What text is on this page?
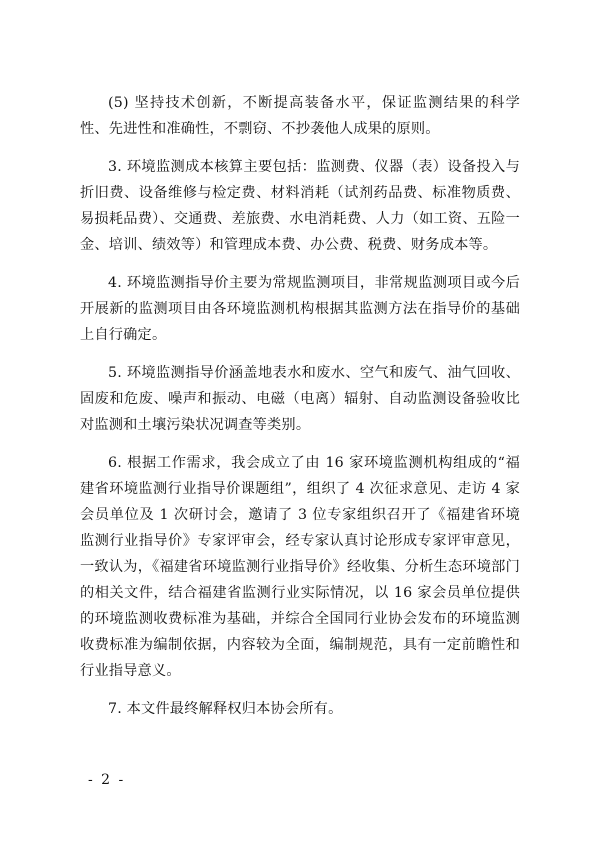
(5) 坚持技术创新，不断提高装备水平，保证监测结果的科学性、先进性和准确性，不剽窃、不抄袭他人成果的原则。

3. 环境监测成本核算主要包括：监测费、仪器（表）设备投入与折旧费、设备维修与检定费、材料消耗（试剂药品费、标准物质费、易损耗品费）、交通费、差旅费、水电消耗费、人力（如工资、五险一金、培训、绩效等）和管理成本费、办公费、税费、财务成本等。

4. 环境监测指导价主要为常规监测项目，非常规监测项目或今后开展新的监测项目由各环境监测机构根据其监测方法在指导价的基础上自行确定。

5. 环境监测指导价涵盖地表水和废水、空气和废气、油气回收、固废和危废、噪声和振动、电磁（电离）辐射、自动监测设备验收比对监测和土壤污染状况调查等类别。

6. 根据工作需求，我会成立了由 16 家环境监测机构组成的“福建省环境监测行业指导价课题组”，组织了 4 次征求意见、走访 4 家会员单位及 1 次研讨会，邀请了 3 位专家组织召开了《福建省环境监测行业指导价》专家评审会，经专家认真讨论形成专家评审意见，一致认为，《福建省环境监测行业指导价》经收集、分析生态环境部门的相关文件，结合福建省监测行业实际情况，以 16 家会员单位提供的环境监测收费标准为基础，并综合全国同行业协会发布的环境监测收费标准为编制依据，内容较为全面，编制规范，具有一定前瞻性和行业指导意义。

7. 本文件最终解释权归本协会所有。

- 2 -
